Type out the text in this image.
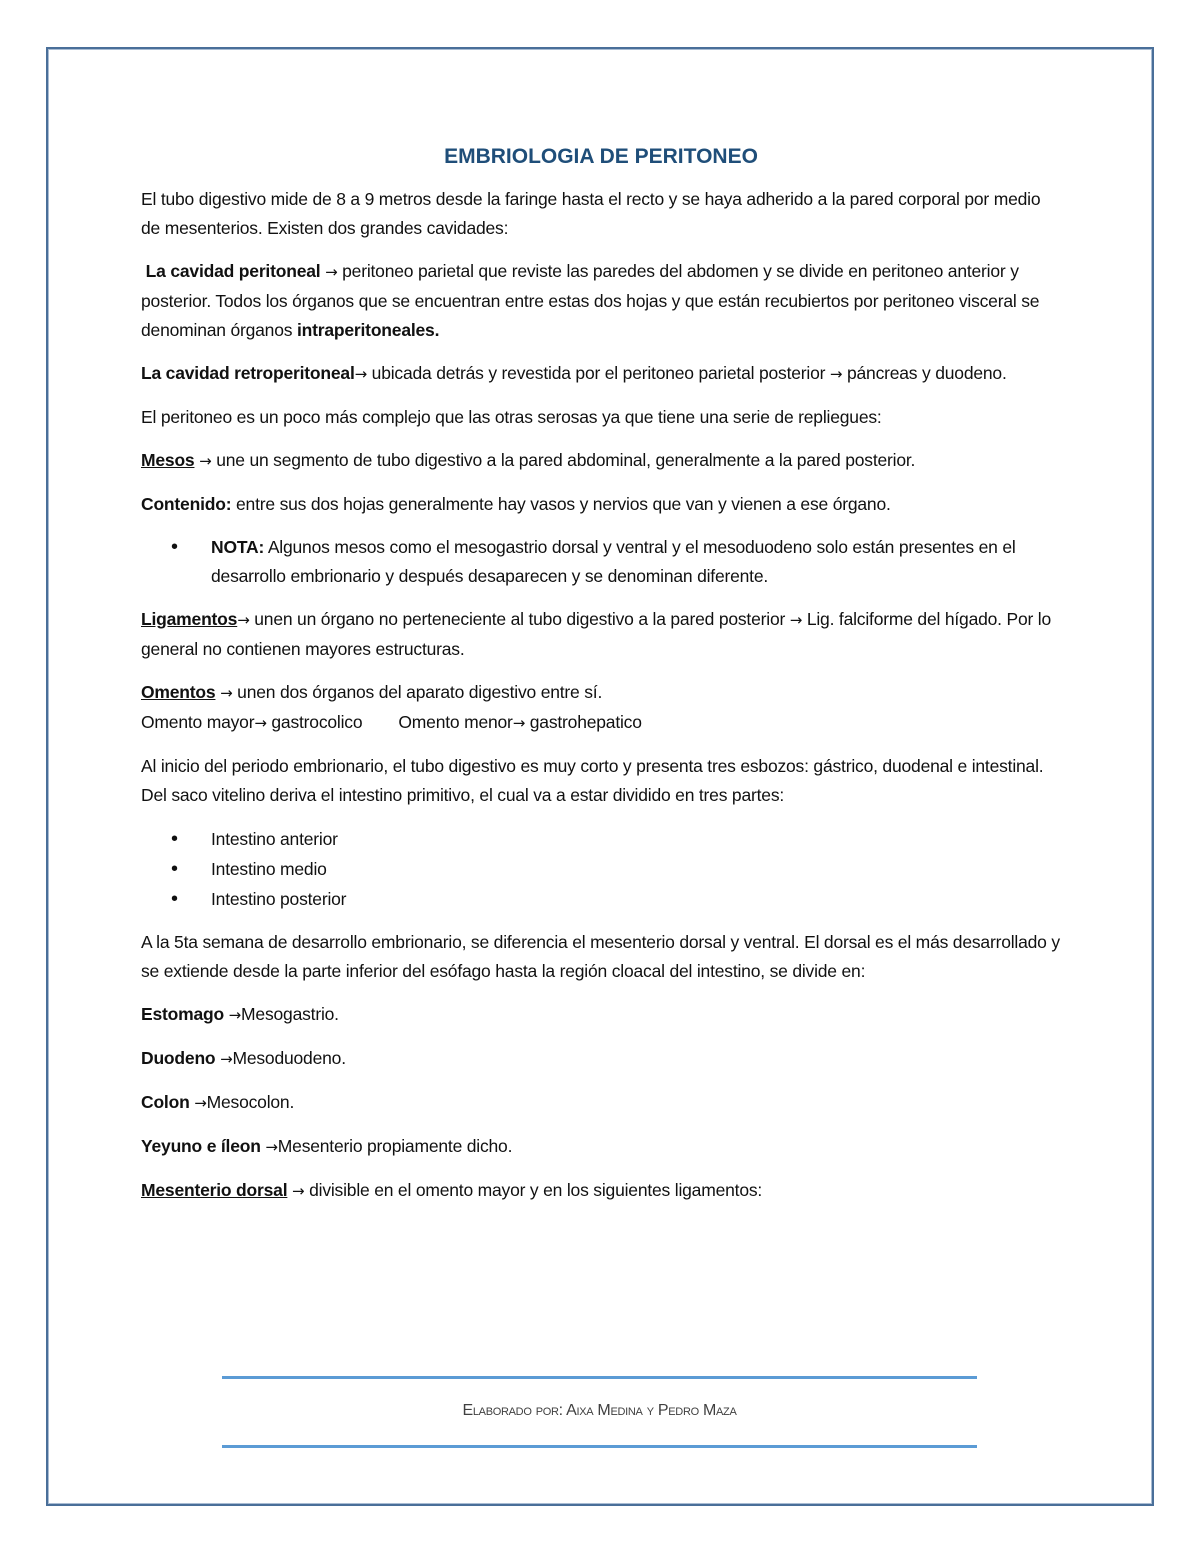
EMBRIOLOGIA DE PERITONEO

El tubo digestivo mide de 8 a 9 metros desde la faringe hasta el recto y se haya adherido a la pared corporal por medio de mesenterios. Existen dos grandes cavidades:

La cavidad peritoneal → peritoneo parietal que reviste las paredes del abdomen y se divide en peritoneo anterior y posterior. Todos los órganos que se encuentran entre estas dos hojas y que están recubiertos por peritoneo visceral se denominan órganos intraperitoneales.

La cavidad retroperitoneal→ ubicada detrás y revestida por el peritoneo parietal posterior → páncreas y duodeno.

El peritoneo es un poco más complejo que las otras serosas ya que tiene una serie de repliegues:

Mesos → une un segmento de tubo digestivo a la pared abdominal, generalmente a la pared posterior.

Contenido: entre sus dos hojas generalmente hay vasos y nervios que van y vienen a ese órgano.

• NOTA: Algunos mesos como el mesogastrio dorsal y ventral y el mesoduodeno solo están presentes en el desarrollo embrionario y después desaparecen y se denominan diferente.

Ligamentos→ unen un órgano no perteneciente al tubo digestivo a la pared posterior → Lig. falciforme del hígado. Por lo general no contienen mayores estructuras.

Omentos → unen dos órganos del aparato digestivo entre sí.

Omento mayor→ gastrocolico Omento menor→ gastrohepatico

Al inicio del periodo embrionario, el tubo digestivo es muy corto y presenta tres esbozos: gástrico, duodenal e intestinal. Del saco vitelino deriva el intestino primitivo, el cual va a estar dividido en tres partes:

• Intestino anterior
• Intestino medio
• Intestino posterior

A la 5ta semana de desarrollo embrionario, se diferencia el mesenterio dorsal y ventral. El dorsal es el más desarrollado y se extiende desde la parte inferior del esófago hasta la región cloacal del intestino, se divide en:

Estomago →Mesogastrio.

Duodeno →Mesoduodeno.

Colon →Mesocolon.

Yeyuno e íleon →Mesenterio propiamente dicho.

Mesenterio dorsal → divisible en el omento mayor y en los siguientes ligamentos:

Elaborado por: Aixa Medina y Pedro Maza
